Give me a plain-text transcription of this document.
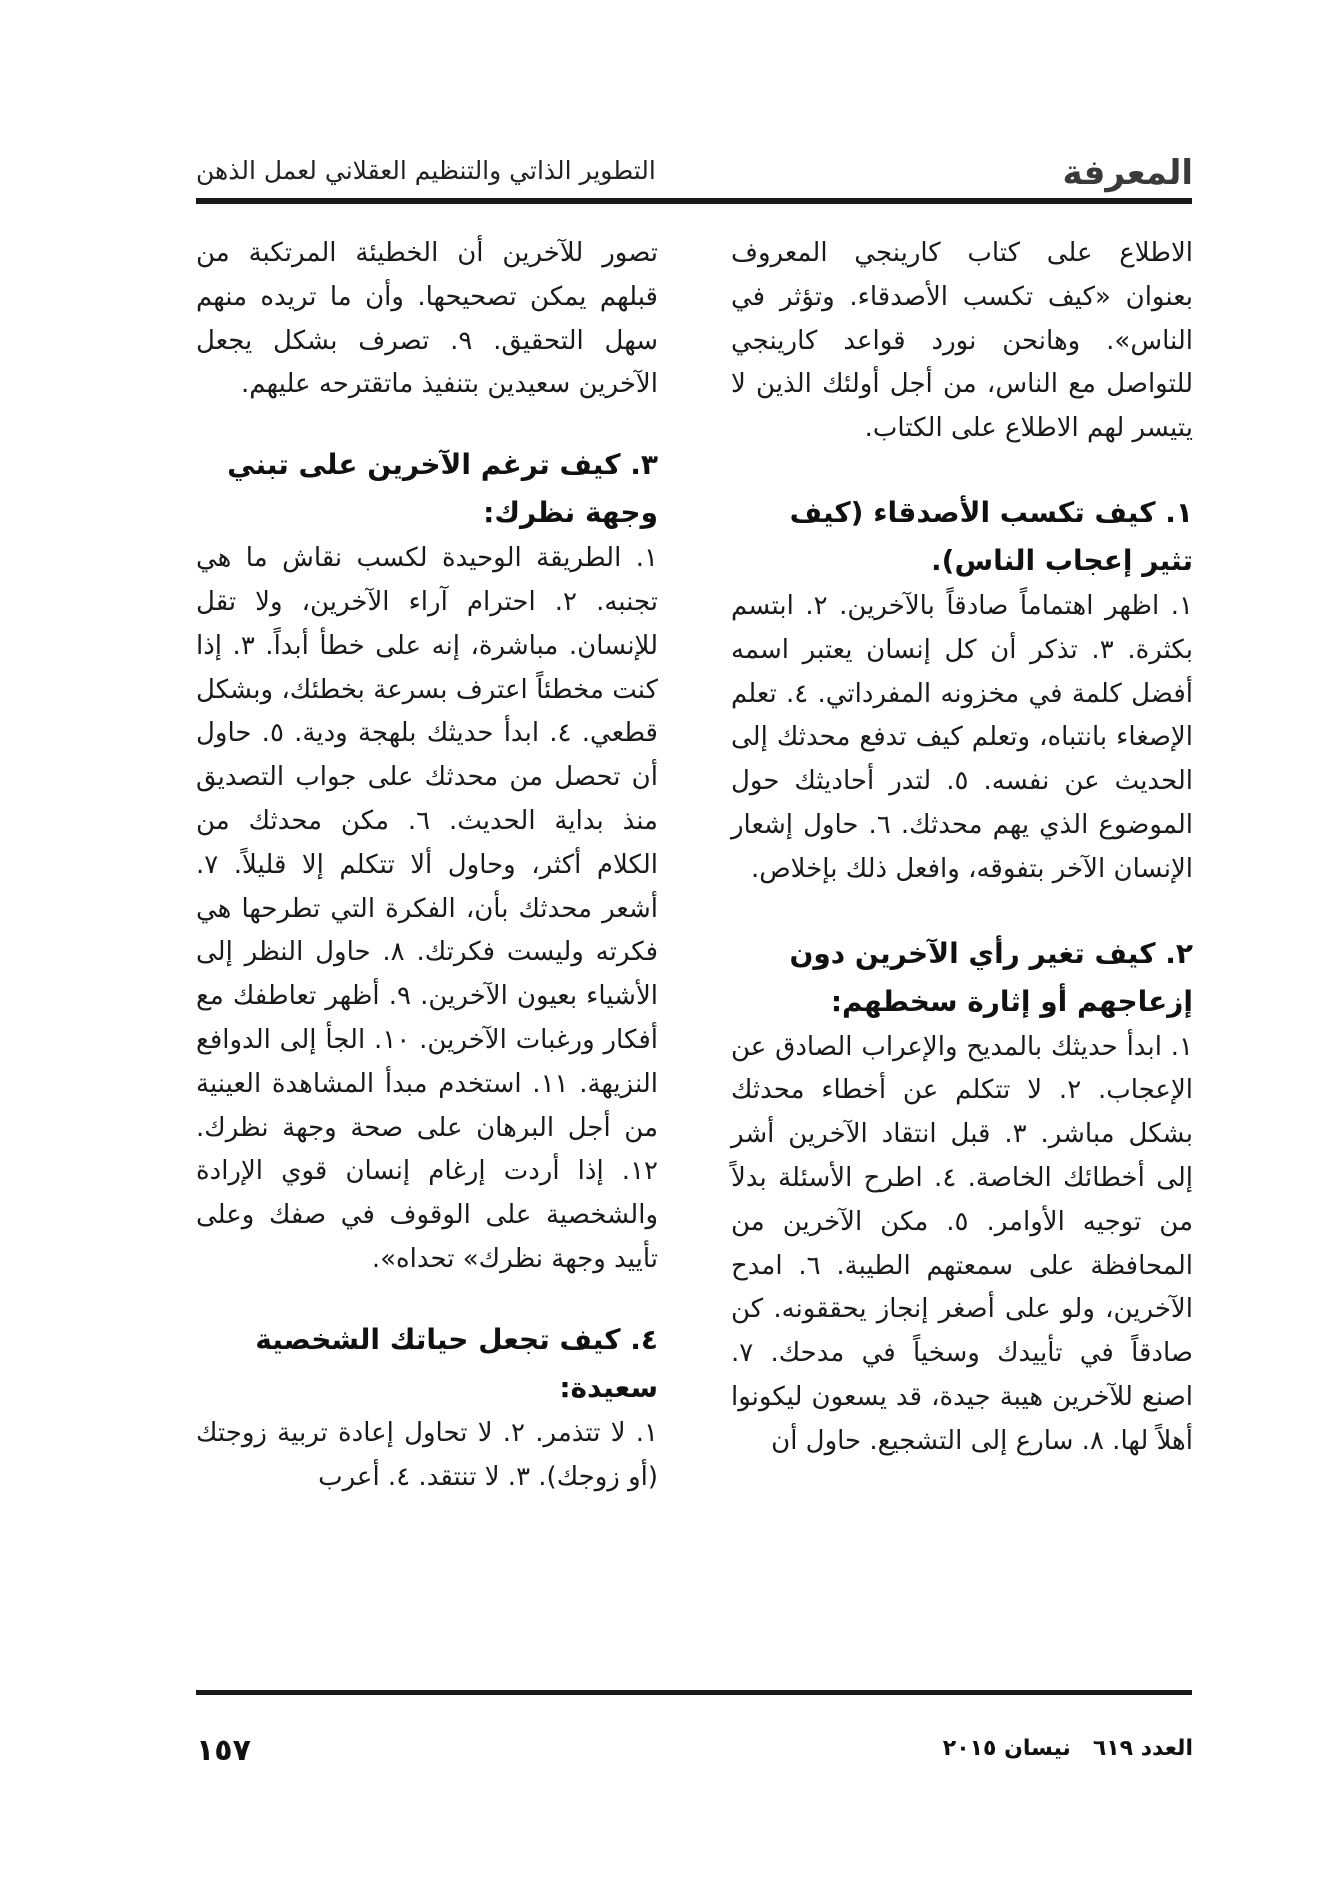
المعرفة
التطوير الذاتي والتنظيم العقلاني لعمل الذهن

الاطلاع على كتاب كارينجي المعروف بعنوان «كيف تكسب الأصدقاء. وتؤثر في الناس». وهانحن نورد قواعد كارينجي للتواصل مع الناس، من أجل أولئك الذين لا يتيسر لهم الاطلاع على الكتاب.

١. كيف تكسب الأصدقاء (كيف تثير إعجاب الناس).

١. اظهر اهتماماً صادقاً بالآخرين. ٢. ابتسم بكثرة. ٣. تذكر أن كل إنسان يعتبر اسمه أفضل كلمة في مخزونه المفرداتي. ٤. تعلم الإصغاء بانتباه، وتعلم كيف تدفع محدثك إلى الحديث عن نفسه. ٥. لتدر أحاديثك حول الموضوع الذي يهم محدثك. ٦. حاول إشعار الإنسان الآخر بتفوقه، وافعل ذلك بإخلاص.

٢. كيف تغير رأي الآخرين دون إزعاجهم أو إثارة سخطهم:

١. ابدأ حديثك بالمديح والإعراب الصادق عن الإعجاب. ٢. لا تتكلم عن أخطاء محدثك بشكل مباشر. ٣. قبل انتقاد الآخرين أشر إلى أخطائك الخاصة. ٤. اطرح الأسئلة بدلاً من توجيه الأوامر. ٥. مكن الآخرين من المحافظة على سمعتهم الطيبة. ٦. امدح الآخرين، ولو على أصغر إنجاز يحققونه. كن صادقاً في تأييدك وسخياً في مدحك. ٧. اصنع للآخرين هيبة جيدة، قد يسعون ليكونوا أهلاً لها. ٨. سارع إلى التشجيع. حاول أن

تصور للآخرين أن الخطيئة المرتكبة من قبلهم يمكن تصحيحها. وأن ما تريده منهم سهل التحقيق. ٩. تصرف بشكل يجعل الآخرين سعيدين بتنفيذ ماتقترحه عليهم.

٣. كيف ترغم الآخرين على تبني وجهة نظرك:

١. الطريقة الوحيدة لكسب نقاش ما هي تجنبه. ٢. احترام آراء الآخرين، ولا تقل للإنسان. مباشرة، إنه على خطأ أبداً. ٣. إذا كنت مخطئاً اعترف بسرعة بخطئك، وبشكل قطعي. ٤. ابدأ حديثك بلهجة ودية. ٥. حاول أن تحصل من محدثك على جواب التصديق منذ بداية الحديث. ٦. مكن محدثك من الكلام أكثر، وحاول ألا تتكلم إلا قليلاً. ٧. أشعر محدثك بأن، الفكرة التي تطرحها هي فكرته وليست فكرتك. ٨. حاول النظر إلى الأشياء بعيون الآخرين. ٩. أظهر تعاطفك مع أفكار ورغبات الآخرين. ١٠. الجأ إلى الدوافع النزيهة. ١١. استخدم مبدأ المشاهدة العينية من أجل البرهان على صحة وجهة نظرك. ١٢. إذا أردت إرغام إنسان قوي الإرادة والشخصية على الوقوف في صفك وعلى تأييد وجهة نظرك» تحداه».

٤. كيف تجعل حياتك الشخصية سعيدة:

١. لا تتذمر. ٢. لا تحاول إعادة تربية زوجتك (أو زوجك). ٣. لا تنتقد. ٤. أعرب

العدد ٦١٩نيسان ٢٠١٥
١٥٧
